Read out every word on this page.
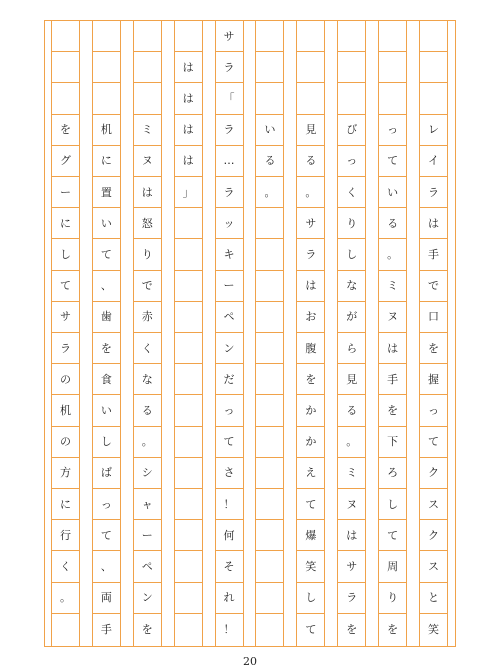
レ
イ
ラ
は
手
で
口
を
握
っ
て
ク
ス
ク
ス
と
笑
っ
て
い
る
。
ミ
ヌ
は
手
を
下
ろ
し
て
周
り
を
び
っ
く
り
し
な
が
ら
見
る
。
ミ
ヌ
は
サ
ラ
を
見
る
。
サ
ラ
は
お
腹
を
か
か
え
て
爆
笑
し
て
い
る
。
サ
ラ
「
ラ
…
ラ
ッ
キ
ー
ペ
ン
だ
っ
て
さ
！
何
そ
れ
！
は
は
は
は
」
ミ
ヌ
は
怒
り
で
赤
く
な
る
。
シ
ャ
ー
ペ
ン
を
机
に
置
い
て
、
歯
を
食
い
し
ば
っ
て
、
両
手
を
グ
ー
に
し
て
サ
ラ
の
机
の
方
に
行
く
。
20
